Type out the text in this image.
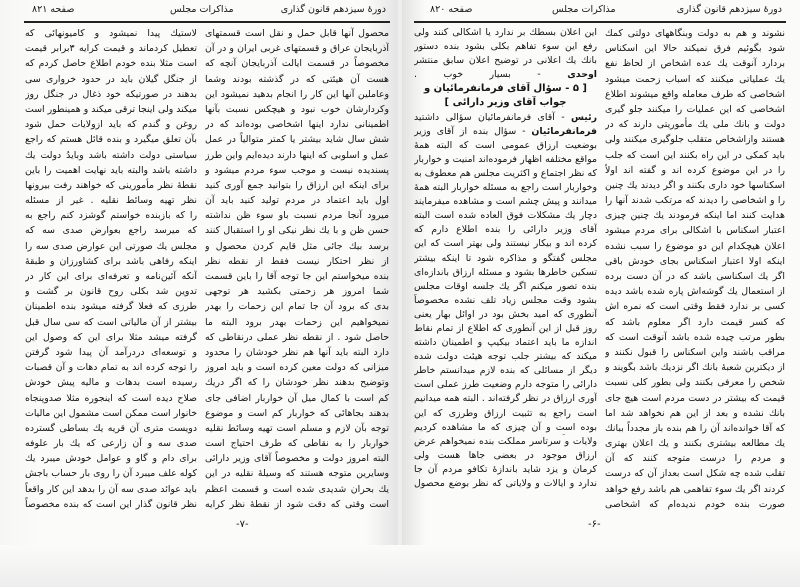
دورهٔ سیزدهم قانون گذاری
مذاکرات مجلس
صفحه ۸۲۱
محصول آنها قابل حمل و نقل است قسمتهای
آذربایجان عراق و قسمتهای غربی ایران و در آن
مخصوصاً در قسمت ایالت آذربایجان آنچه که
هست آن هیئتی که در گذشته بودند وشما
وعاملین آنها این کار را انجام بدهید نمیشود این
وکردارشان خوب نبود و هیچکس نسبت بآنها
اطمینانی ندارد اینها اشخاصی بوده‌اند که در
شش سال شاید بیشتر یا کمتر متوالیاً در عمل
عمل و اسلوبی که اینها دارند دیده‌ایم واین طرز
پسندیده نیست و موجب سوء مردم میشود و
برای اینکه این ارزاق را بتوانید جمع آوری کنید
اول باید اعتماد در مردم تولید کنید باید آن
میرود آنجا مردم نسبت باو سوء ظن نداشته
حسن ظن و با یك نظر نیکی او را استقبال کنند
برسد بیك جائی مثل قایم کردن محصول و
از نظر احتکار نیست فقط از نقطه نظر
بنده میخواستم این جا توجه آقا را باین قسمت
شما امروز هر زحمتی بکشید هر توجهی
بدی که برود آن جا تمام این زحمات را بهدر
نمیخواهیم این زحمات بهدر برود البته ما
حاصل شود . از نقطه نظر عملی درنقاطی که
دارد البته باید آنها هم نظر خودشان را محدود
میزانی که دولت معین کرده است و باید امروز
وتوضیح بدهند نظر خودشان را که اگر دریك
کم است با کمال میل آن خواربار اضافی جای
بدهند بجاهائی که خواربار کم است و موضوع
توجه بآن لازم و مسلم است تهیه وسائط نقلیه
خواربار را به نقاطی که طرف احتیاج است
البته امروز دولت و مخصوصاً آقای وزیر دارائی
وسایرین متوجه هستند که وسیلهٔ نقلیه در این
یك بحران شدیدی شده است و قسمت اعظم
است وقتی که دقت شود از نقطهٔ نظر کرایه
لاستیك پیدا نمیشود و کامیونهائی که
تعطیل کردماند و قیمت کرایه ۳برابر قیمت
است مثلا بنده خودم اطلاع حاصل کردم که
از جنگل گیلان باید در حدود خرواری سی
بدهند در صورتیکه خود ذغال در جنگل روز
میکند ولی اینجا ترقی میکند و همینطور است
روغن و گندم که باید ازولایات حمل شود
بآن تعلق میگیرد و بنده قائل هستم که راجع
سیاستی دولت داشته باشد وبایدُ دولت یك
داشته باشد والبته باید نهایت اهمیت را باین
نقطهٔ نظر مأمورینی که خواهند رفت بیرونها
نظر تهیه وسائط نقلیه . غیر از مسئله
را که بازبنده خواستم گوشزد کنم راجع به
که میرسد راجع بعوارض صدی سه که
مجلس یك صورتی این عوارض صدی سه را
اینکه رفاهی باشد برای کشاورزان و طبقهٔ
آنکه آئین‌نامه و تعرفه‌ای برای این کار در
تدوین شد بکلی روح قانون بر گشت و
طرزی که فعلا گرفته میشود بنده اطمینان
بیشتر از آن مالیاتی است که سی سال قبل
گرفته میشد مثلا برای این که وصول این
و توسعه‌ای دردرآمد آن پیدا شود گرفتن
را توجه کرده اند به تمام دهات و آن قصبات
رسیده است بدهات و مالیه پیش خودش
صلاح دیده است که اینجوره مثلا صدوپنجاه
خانوار است ممکن است مشمول این مالیات
دویست متری آن قریه یك بساطی گسترده
صدی سه و آن زارعی که یك بار علوفه
برای دام و گاو و عوامل خودش میبرد یك
کوله علف میبرد آن را روی بار حساب باجش
باید عوائد صدی سه آن را بدهد این کار واقعاً
نظر قانون گذار این است که بنده مخصوصاً
-۷-
دورهٔ سیزدهم قانون گذاری
مذاکرات مجلس
صفحه ۸۲۰
نشوند و هم به دولت وبنگاههای دولتی کمك
شود بگوئیم فرق نمیکند حالا این اسکناس
بردارد آنوقت یك عده اشخاص از لحاظ نفع
یك عملیاتی میکنند که اسباب زحمت میشود
اشخاصی که طرف معامله واقع میشوند اطلاع
اشخاصی که این عملیات را میکنند جلو گیری
دولت و بانك ملی یك مأموریتی دارند که در
هستند وازاشخاص متقلب جلوگیری میکنند ولی
باید کمکی در این راه بکنند این است که جلب
را در این موضوع کرده اند و گفته اند اولاً
اسکناسها خود داری بکنند و اگر دیدند یك چنین
را و اشخاصی را دیدند که مرتکب شدند آنها را
هدایت کنند اما اینکه فرمودند یك چنین چیزی
اعتبار اسکناس با اشکالی برای مردم میشود
اعلان هیچکدام این دو موضوع را سبب نشده
اینکه اولا اعتبار اسکناس بجای خودش باقی
اگر یك اسکناسی باشد که در آن دست برده
از استعمال یك گوشه‌اش پاره شده باشد دیده
کسی بر ندارد فقط وقتی است که نمره اش
که کسر قیمت دارد اگر معلوم باشد که
بطور مرتب چیده شده باشد آنوقت است که
مراقب باشند واین اسکناس را قبول نکنند و
از دیکترین شعبهٔ بانك اگر نزدیك باشد بگویند و
شخص را معرفی بکنند ولی بطور کلی نسبت
قیمت که بیشتر در دست مردم است هیچ جای
بانك نشده و بعد از این هم نخواهد شد اما
که آقا خوانده‌اند آن را هم بنده باز مجدداً ببانك
یك مطالعه بیشتری بکنند و یك اعلان بهتری
و مردم را درست متوجه کنند که آن
تقلب شده چه شکل است بعداز آن که درست
کردند اگر یك سوء تفاهمی هم باشد رفع خواهد
صورت بنده خودم ندیده‌ام که اشخاصی
این اعلان بسطك بر ندارد یا اشکالی کنند ولی
رفع این سوء تفاهم بکلی بشود بنده دستور
بانك یك اعلانی در توضیح اعلان سابق منتشر
اوحدی - بسیار خوب .
[ ۵ - سؤال آقای فرمانفرمائیان و
جواب آقای وزیر دارائی ]
رئیس - آقای فرمانفرمائیان سؤالی داشتید
فرمانفرمائیان - سؤال بنده از آقای وزیر
بوضعیت ارزاق عمومی است که البته همهٔ
مواقع مختلفه اظهار فرموده‌اند امنیت و خواربار
که نظر اجتماع و اکثریت مجلس هم معطوف به
وخواربار است راجع به مسئله خواربار البته همهٔ
میدانند و پیش چشم است و مشاهده میفرمایند
دچار یك مشکلات فوق العاده شده است البته
آقای وزیر دارائی را بنده اطلاع دارم که
کرده اند و بیکار نیستند ولی بهتر است که این
مجلس گفتگو و مذاکره شود تا اینکه بیشتر
تسکین خاطرها بشود و مسئله ارزاق باندازه‌ای
بنده تصور میکنم اگر یك جلسه اوقات مجلس
بشود وقت مجلس زیاد تلف نشده مخصوصاً
آنطوری که امید بخش بود در اوائل بهار یعنی
روز قبل از این آنطوری که اطلاع از تمام نقاط
اندازه ما باید اعتماد بیکیپ و اطمینان داشته
میکند که بیشتر جلب توجه هیئت دولت شده
دیگر از مسائلی که بنده لازم میدانستم خاطر
دارائی را متوجه دارم وضعیت طرز عملی است
آوری ارزاق در نظر گرفته‌اند . البته همه میدانیم
است راجع به تثبیت ارزاق وطرزی که این
بوده است و آن چیزی که ما مشاهده کردیم
ولایات و سرتاسر مملکت بنده نمیخواهم عرض
ارزاق موجود در بعضی جاها هست ولی
کرمان و یزد شاید باندازهٔ تکافو مردم آن جا
ندارد و ایالات و ولایاتی که نظر بوضع محصول
-۶-
